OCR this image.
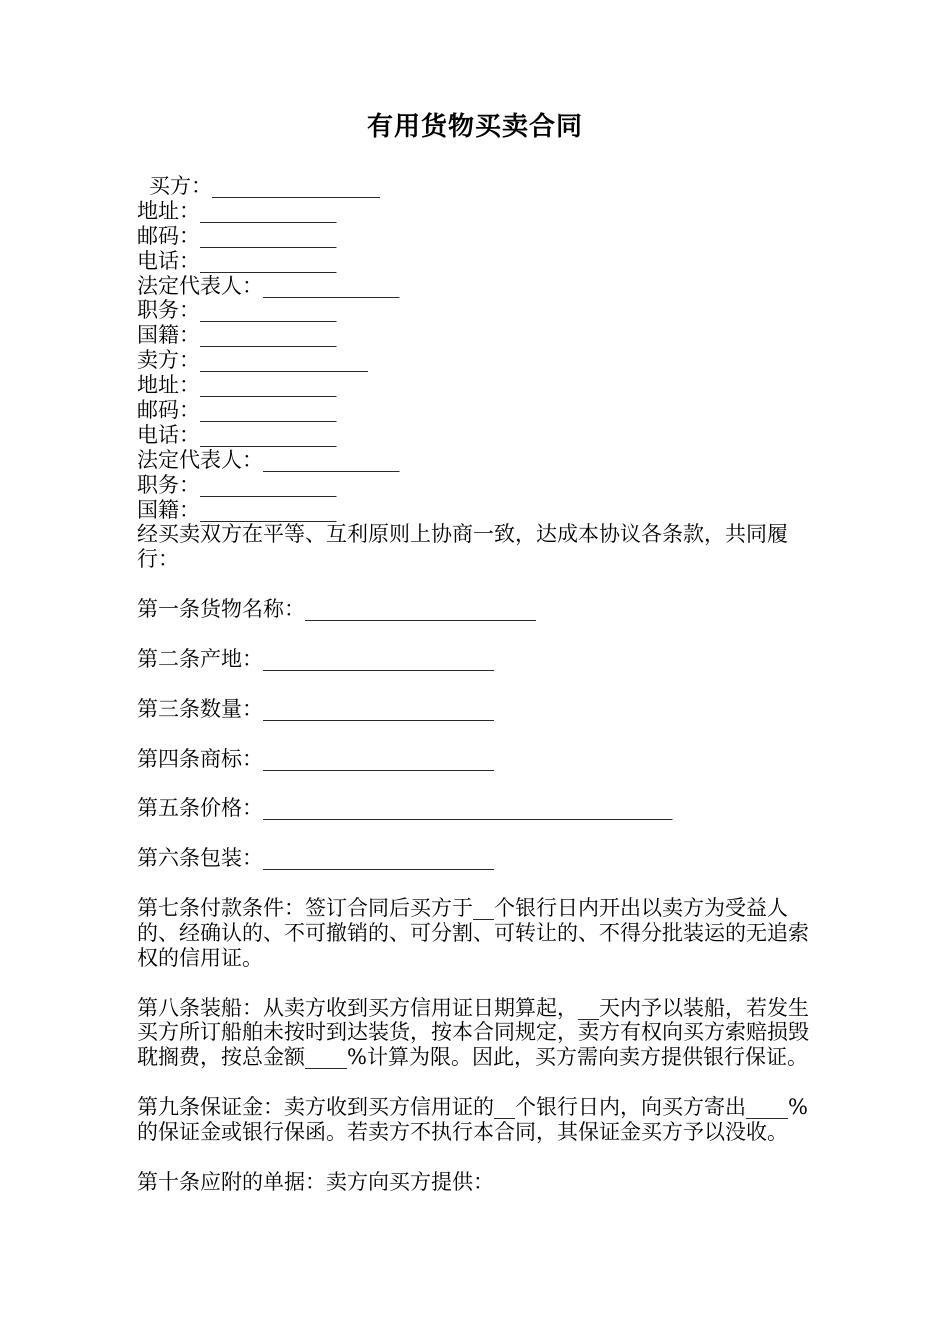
有用货物买卖合同
买方：________________
地址：_____________
邮码：_____________
电话：_____________
法定代表人：_____________
职务：_____________
国籍：_____________
卖方：________________
地址：_____________
邮码：_____________
电话：_____________
法定代表人：_____________
职务：_____________
国籍：_____________

经买卖双方在平等、互利原则上协商一致，达成本协议各条款，共同履行：

第一条货物名称：______________________

第二条产地：______________________

第三条数量：______________________

第四条商标：______________________

第五条价格：_______________________________________

第六条包装：______________________

第七条付款条件：签订合同后买方于__个银行日内开出以卖方为受益人的、经确认的、不可撤销的、可分割、可转让的、不得分批装运的无追索权的信用证。

第八条装船：从卖方收到买方信用证日期算起，__天内予以装船，若发生买方所订船舶未按时到达装货，按本合同规定，卖方有权向买方索赔损毁耽搁费，按总金额____%计算为限。因此，买方需向卖方提供银行保证。

第九条保证金：卖方收到买方信用证的__个银行日内，向买方寄出____%的保证金或银行保函。若卖方不执行本合同，其保证金买方予以没收。

第十条应附的单据：卖方向买方提供：
